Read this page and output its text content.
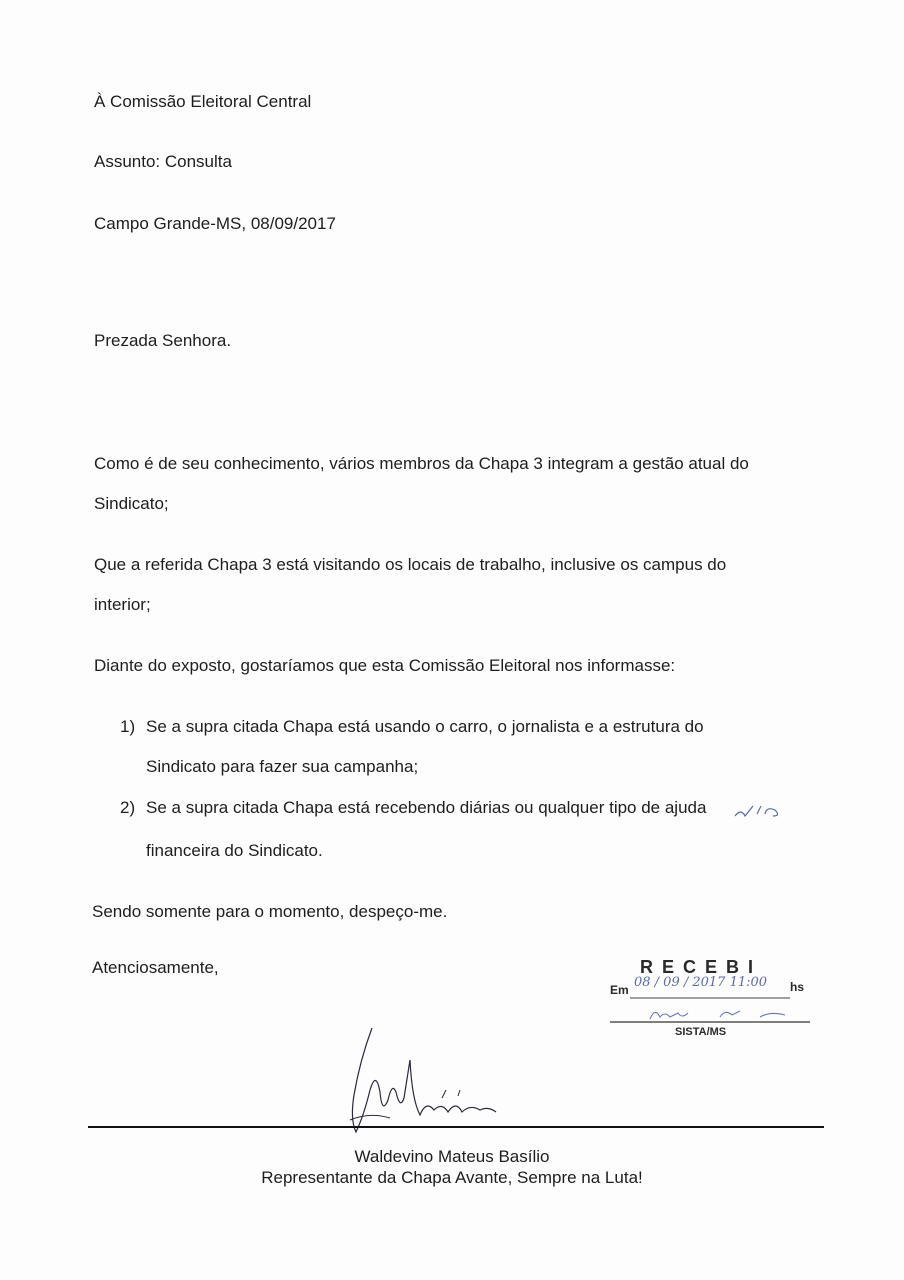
À Comissão Eleitoral Central
Assunto: Consulta
Campo Grande-MS, 08/09/2017
Prezada Senhora.
Como é de seu conhecimento, vários membros da Chapa 3 integram a gestão atual do
Sindicato;
Que a referida Chapa 3 está visitando os locais de trabalho, inclusive os campus do
interior;
Diante do exposto, gostaríamos que esta Comissão Eleitoral nos informasse:
1) Se a supra citada Chapa está usando o carro, o jornalista e a estrutura do
Sindicato para fazer sua campanha;
2) Se a supra citada Chapa está recebendo diárias ou qualquer tipo de ajuda
financeira do Sindicato.
Sendo somente para o momento, despeço-me.
Atenciosamente,	RECEBI
Em 08 / 09 / 2017 11:00 hs
SISTA/MS
Waldevino Mateus Basílio
Representante da Chapa Avante, Sempre na Luta!
